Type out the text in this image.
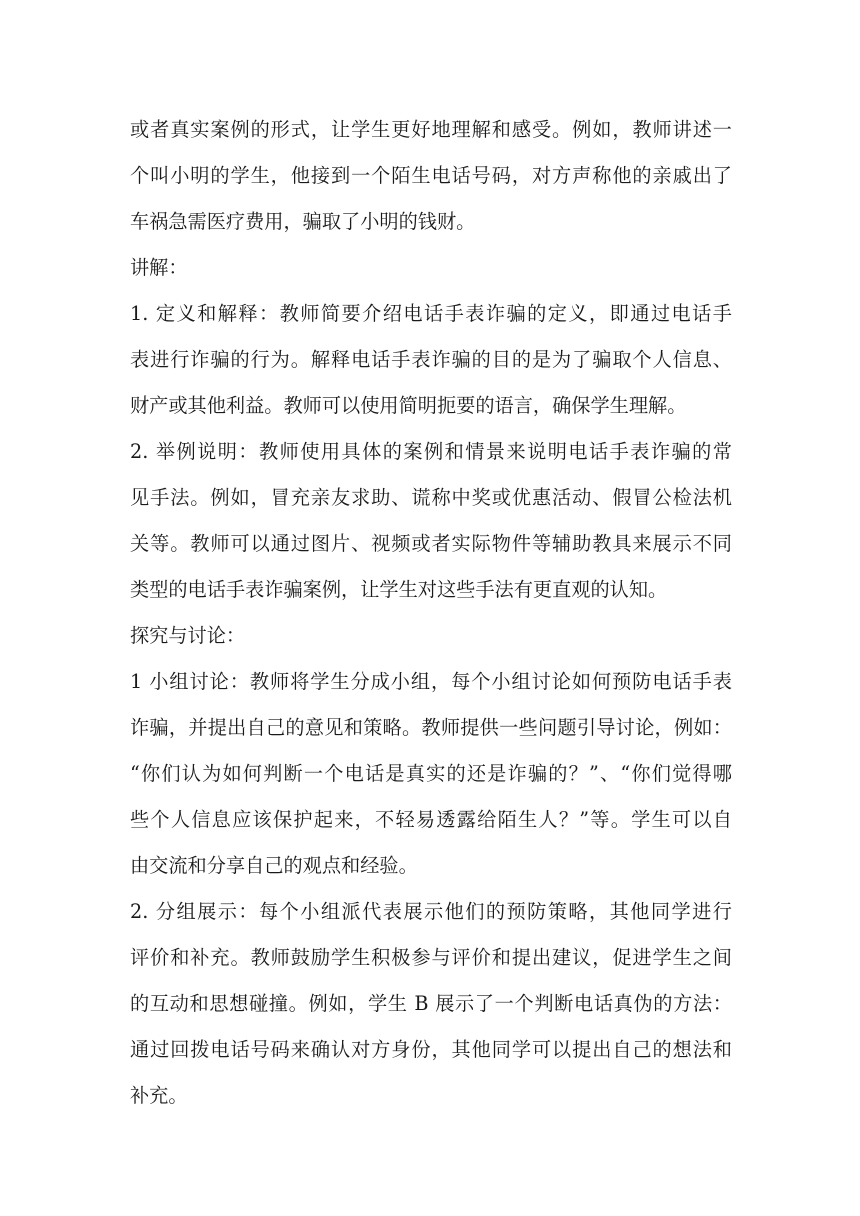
或者真实案例的形式，让学生更好地理解和感受。例如，教师讲述一
个叫小明的学生，他接到一个陌生电话号码，对方声称他的亲戚出了
车祸急需医疗费用，骗取了小明的钱财。
讲解：
1. 定义和解释：教师简要介绍电话手表诈骗的定义，即通过电话手
表进行诈骗的行为。解释电话手表诈骗的目的是为了骗取个人信息、
财产或其他利益。教师可以使用简明扼要的语言，确保学生理解。
2. 举例说明：教师使用具体的案例和情景来说明电话手表诈骗的常
见手法。例如，冒充亲友求助、谎称中奖或优惠活动、假冒公检法机
关等。教师可以通过图片、视频或者实际物件等辅助教具来展示不同
类型的电话手表诈骗案例，让学生对这些手法有更直观的认知。
探究与讨论：
1 小组讨论：教师将学生分成小组，每个小组讨论如何预防电话手表
诈骗，并提出自己的意见和策略。教师提供一些问题引导讨论，例如：
“你们认为如何判断一个电话是真实的还是诈骗的？”、“你们觉得哪
些个人信息应该保护起来，不轻易透露给陌生人？”等。学生可以自
由交流和分享自己的观点和经验。
2. 分组展示：每个小组派代表展示他们的预防策略，其他同学进行
评价和补充。教师鼓励学生积极参与评价和提出建议，促进学生之间
的互动和思想碰撞。例如，学生 B 展示了一个判断电话真伪的方法：
通过回拨电话号码来确认对方身份，其他同学可以提出自己的想法和
补充。
